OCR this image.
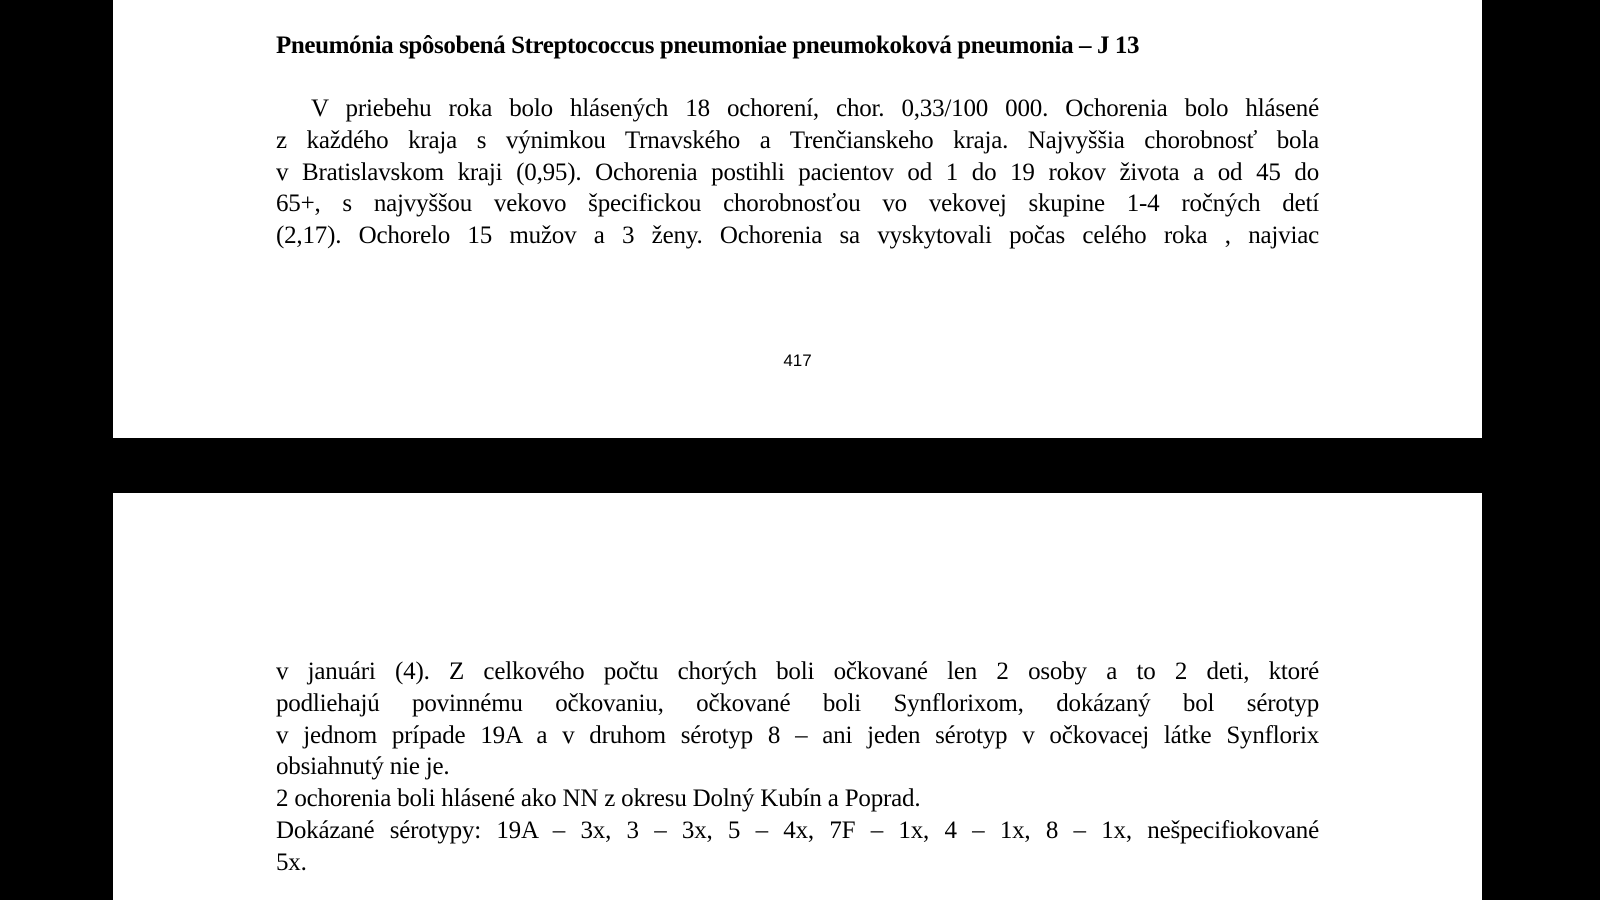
Pneumónia spôsobená Streptococcus pneumoniae pneumokoková pneumonia – J 13
V priebehu roka bolo hlásených 18 ochorení, chor. 0,33/100 000. Ochorenia bolo hlásené
z každého kraja s výnimkou Trnavského a Trenčianskeho kraja. Najvyššia chorobnosť bola
v Bratislavskom kraji (0,95). Ochorenia postihli pacientov od 1 do 19 rokov života a od 45 do
65+, s najvyššou vekovo špecifickou chorobnosťou vo vekovej skupine 1-4 ročných detí
(2,17). Ochorelo 15 mužov a 3 ženy. Ochorenia sa vyskytovali počas celého roka , najviac
417
v januári (4). Z celkového počtu chorých boli očkované len 2 osoby a to 2 deti, ktoré
podliehajú povinnému očkovaniu, očkované boli Synflorixom, dokázaný bol sérotyp
v jednom prípade 19A a v druhom sérotyp 8 – ani jeden sérotyp v očkovacej látke Synflorix
obsiahnutý nie je.
2 ochorenia boli hlásené ako NN z okresu Dolný Kubín a Poprad.
Dokázané sérotypy: 19A – 3x, 3 – 3x, 5 – 4x, 7F – 1x, 4 – 1x, 8 – 1x, nešpecifiokované
5x.
